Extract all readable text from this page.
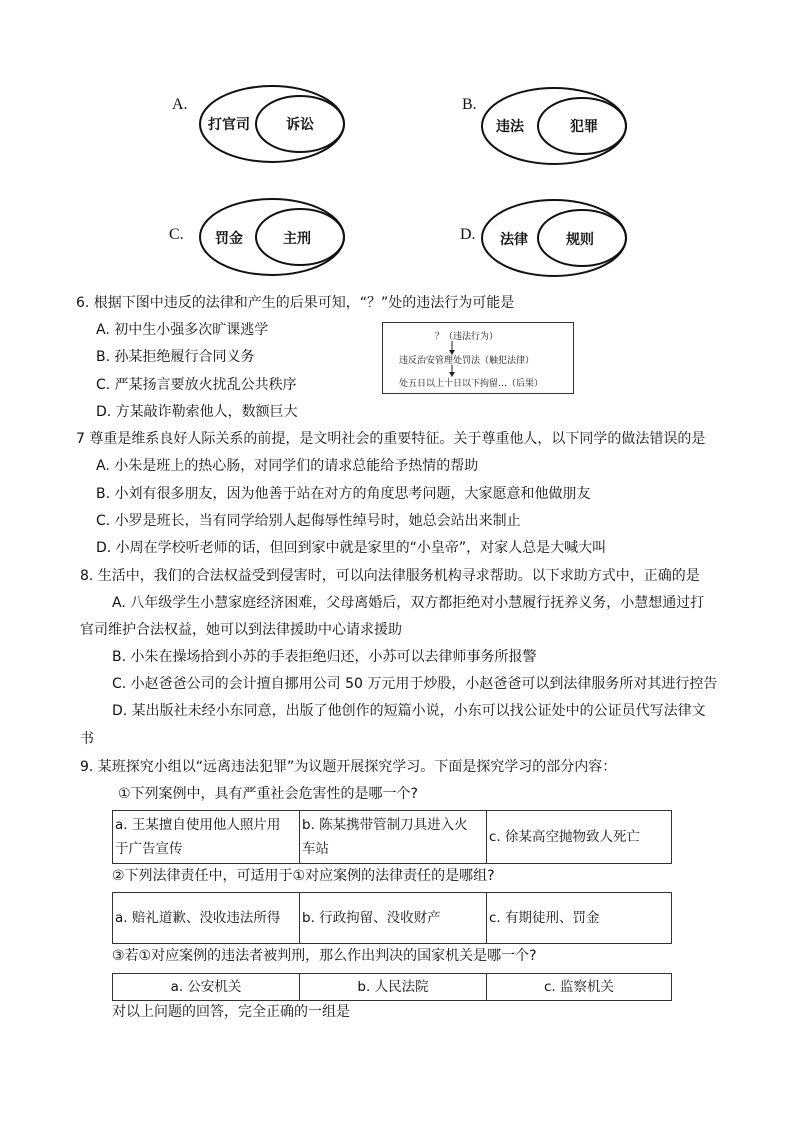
A.	B.
C.	D.
打官司	诉讼	违法	犯罪
罚金	主刑	法律	规则
6. 根据下图中违反的法律和产生的后果可知，“？”处的违法行为可能是
A. 初中生小强多次旷课逃学
B. 孙某拒绝履行合同义务
C. 严某扬言要放火扰乱公共秩序
D. 方某敲诈勒索他人，数额巨大
？（违法行为）
违反治安管理处罚法（触犯法律）
处五日以上十日以下拘留…（后果）
7 尊重是维系良好人际关系的前提，是文明社会的重要特征。关于尊重他人，以下同学的做法错误的是
A. 小朱是班上的热心肠，对同学们的请求总能给予热情的帮助
B. 小刘有很多朋友，因为他善于站在对方的角度思考问题，大家愿意和他做朋友
C. 小罗是班长，当有同学给别人起侮辱性绰号时，她总会站出来制止
D. 小周在学校听老师的话，但回到家中就是家里的“小皇帝”，对家人总是大喊大叫
8. 生活中，我们的合法权益受到侵害时，可以向法律服务机构寻求帮助。以下求助方式中，正确的是
A. 八年级学生小慧家庭经济困难，父母离婚后，双方都拒绝对小慧履行抚养义务，小慧想通过打
官司维护合法权益，她可以到法律援助中心请求援助
B. 小朱在操场拾到小苏的手表拒绝归还，小苏可以去律师事务所报警
C. 小赵爸爸公司的会计擅自挪用公司 50 万元用于炒股，小赵爸爸可以到法律服务所对其进行控告
D. 某出版社未经小东同意，出版了他创作的短篇小说，小东可以找公证处中的公证员代写法律文
书
9. 某班探究小组以“远离违法犯罪”为议题开展探究学习。下面是探究学习的部分内容：
①下列案例中，具有严重社会危害性的是哪一个?
a. 王某擅自使用他人照片用
于广告宣传	b. 陈某携带管制刀具进入火
车站	c. 徐某高空抛物致人死亡
②下列法律责任中，可适用于①对应案例的法律责任的是哪组?
a. 赔礼道歉、没收违法所得	b. 行政拘留、没收财产	c. 有期徒刑、罚金
③若①对应案例的违法者被判刑，那么作出判决的国家机关是哪一个?
a. 公安机关	b. 人民法院	c. 监察机关
对以上问题的回答，完全正确的一组是
